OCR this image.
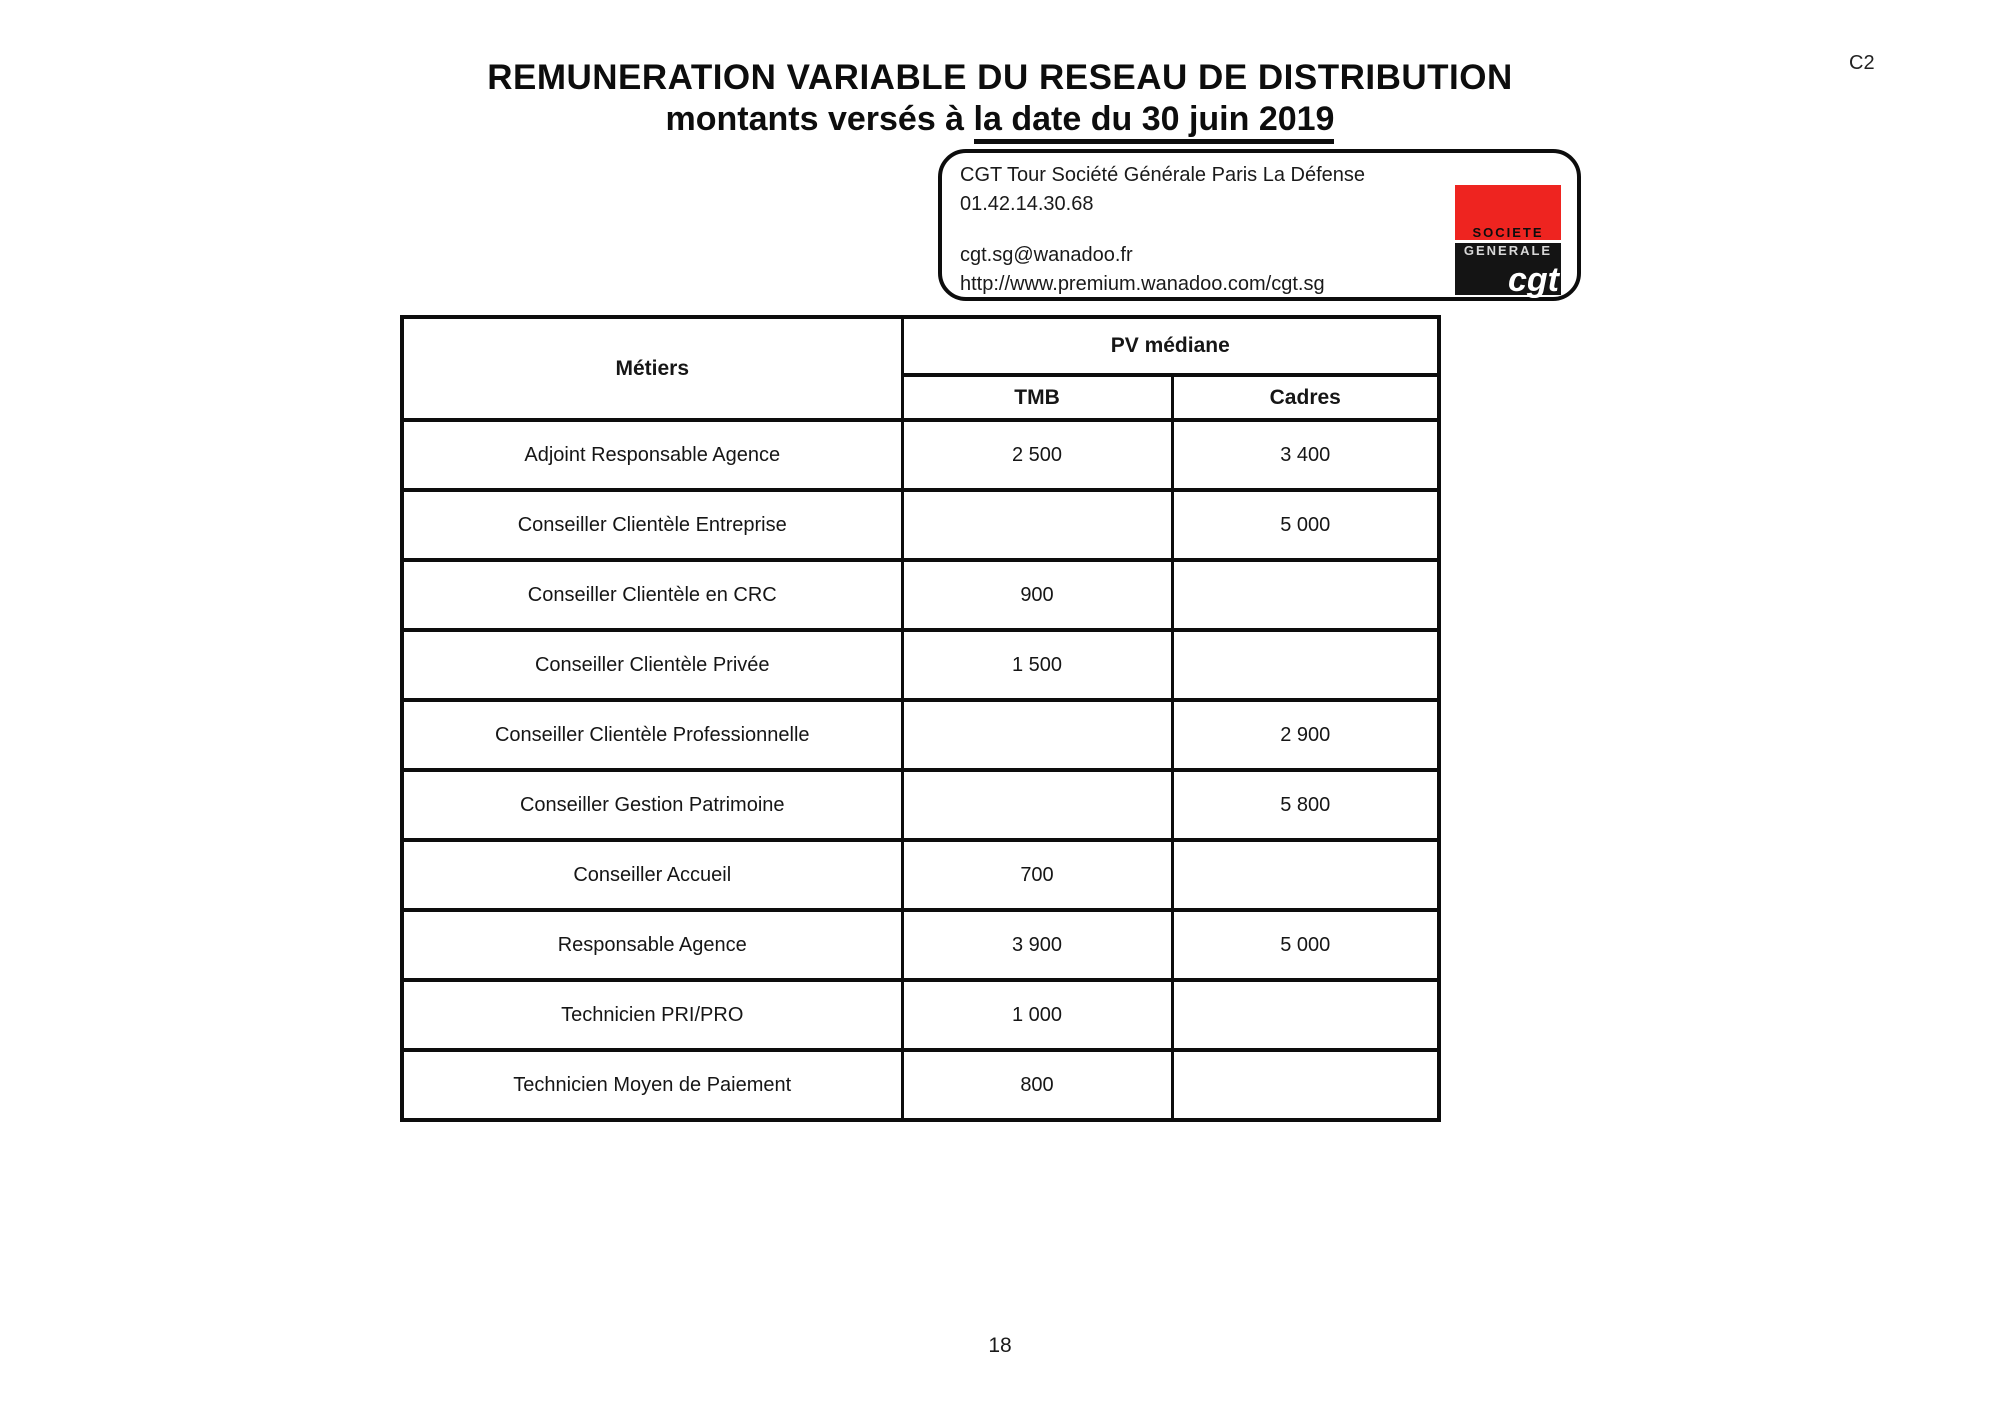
C2
REMUNERATION VARIABLE DU RESEAU DE DISTRIBUTION
montants versés à la date du 30 juin 2019
CGT Tour Société Générale Paris La Défense
01.42.14.30.68
cgt.sg@wanadoo.fr
http://www.premium.wanadoo.com/cgt.sg
SOCIETE
GENERALE
cgt
Métiers	PV médiane	
	TMB	Cadres
Adjoint Responsable Agence	2 500	3 400
Conseiller Clientèle Entreprise		5 000
Conseiller Clientèle en CRC	900	
Conseiller Clientèle Privée	1 500	
Conseiller Clientèle Professionnelle		2 900
Conseiller Gestion Patrimoine		5 800
Conseiller Accueil	700	
Responsable Agence	3 900	5 000
Technicien PRI/PRO	1 000	
Technicien Moyen de Paiement	800	
18
